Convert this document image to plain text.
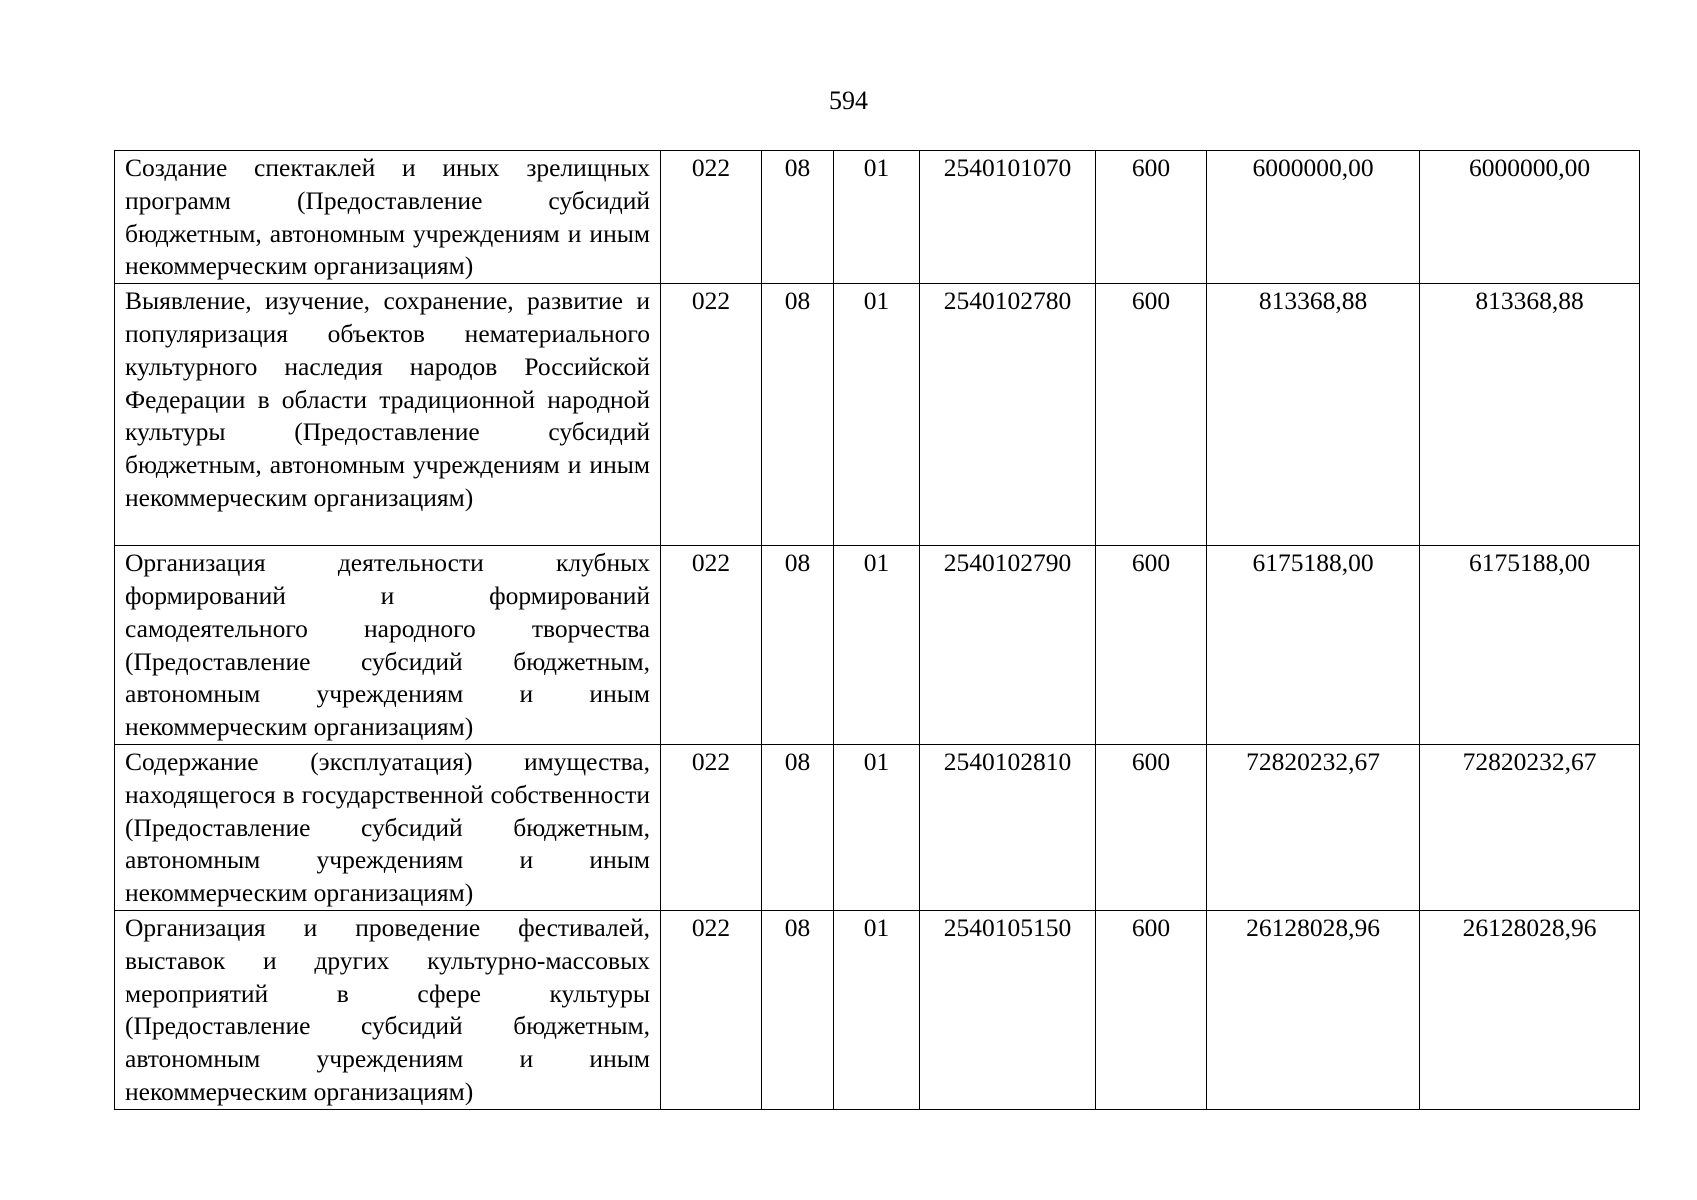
594
Создание спектаклей и иных зрелищных программ (Предоставление субсидий бюджетным, автономным учреждениям и иным некоммерческим организациям)	022	08	01	2540101070	600	6000000,00	6000000,00
Выявление, изучение, сохранение, развитие и популяризация объектов нематериального культурного наследия народов Российской Федерации в области традиционной народной культуры (Предоставление субсидий бюджетным, автономным учреждениям и иным некоммерческим организациям)	022	08	01	2540102780	600	813368,88	813368,88
Организация деятельности клубных формирований и формирований самодеятельного народного творчества (Предоставление субсидий бюджетным, автономным учреждениям и иным некоммерческим организациям)	022	08	01	2540102790	600	6175188,00	6175188,00
Содержание (эксплуатация) имущества, находящегося в государственной собственности (Предоставление субсидий бюджетным, автономным учреждениям и иным некоммерческим организациям)	022	08	01	2540102810	600	72820232,67	72820232,67
Организация и проведение фестивалей, выставок и других культурно-массовых мероприятий в сфере культуры (Предоставление субсидий бюджетным, автономным учреждениям и иным некоммерческим организациям)	022	08	01	2540105150	600	26128028,96	26128028,96
